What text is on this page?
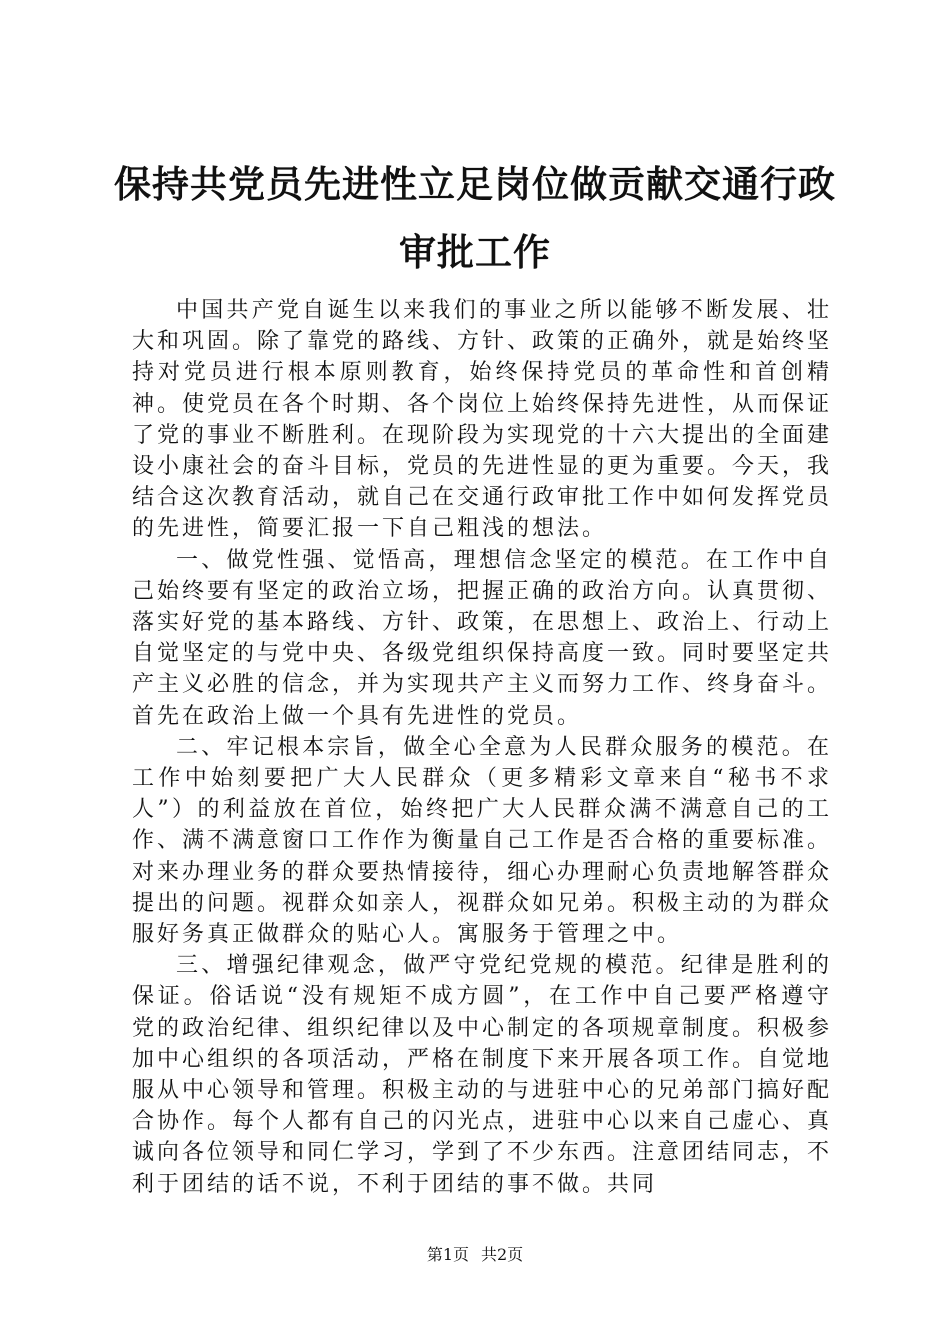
保持共党员先进性立足岗位做贡献交通行政审批工作

中国共产党自诞生以来我们的事业之所以能够不断发展、壮大和巩固。除了靠党的路线、方针、政策的正确外，就是始终坚持对党员进行根本原则教育，始终保持党员的革命性和首创精神。使党员在各个时期、各个岗位上始终保持先进性，从而保证了党的事业不断胜利。在现阶段为实现党的十六大提出的全面建设小康社会的奋斗目标，党员的先进性显的更为重要。今天，我结合这次教育活动，就自己在交通行政审批工作中如何发挥党员的先进性，简要汇报一下自己粗浅的想法。

一、做党性强、觉悟高，理想信念坚定的模范。在工作中自己始终要有坚定的政治立场，把握正确的政治方向。认真贯彻、落实好党的基本路线、方针、政策，在思想上、政治上、行动上自觉坚定的与党中央、各级党组织保持高度一致。同时要坚定共产主义必胜的信念，并为实现共产主义而努力工作、终身奋斗。首先在政治上做一个具有先进性的党员。

二、牢记根本宗旨，做全心全意为人民群众服务的模范。在工作中始刻要把广大人民群众（更多精彩文章来自“秘书不求人”）的利益放在首位，始终把广大人民群众满不满意自己的工作、满不满意窗口工作作为衡量自己工作是否合格的重要标准。对来办理业务的群众要热情接待，细心办理耐心负责地解答群众提出的问题。视群众如亲人，视群众如兄弟。积极主动的为群众服好务真正做群众的贴心人。寓服务于管理之中。

三、增强纪律观念，做严守党纪党规的模范。纪律是胜利的保证。俗话说“没有规矩不成方圆”，在工作中自己要严格遵守党的政治纪律、组织纪律以及中心制定的各项规章制度。积极参加中心组织的各项活动，严格在制度下来开展各项工作。自觉地服从中心领导和管理。积极主动的与进驻中心的兄弟部门搞好配合协作。每个人都有自己的闪光点，进驻中心以来自己虚心、真诚向各位领导和同仁学习，学到了不少东西。注意团结同志，不利于团结的话不说，不利于团结的事不做。共同

第1页 共2页
